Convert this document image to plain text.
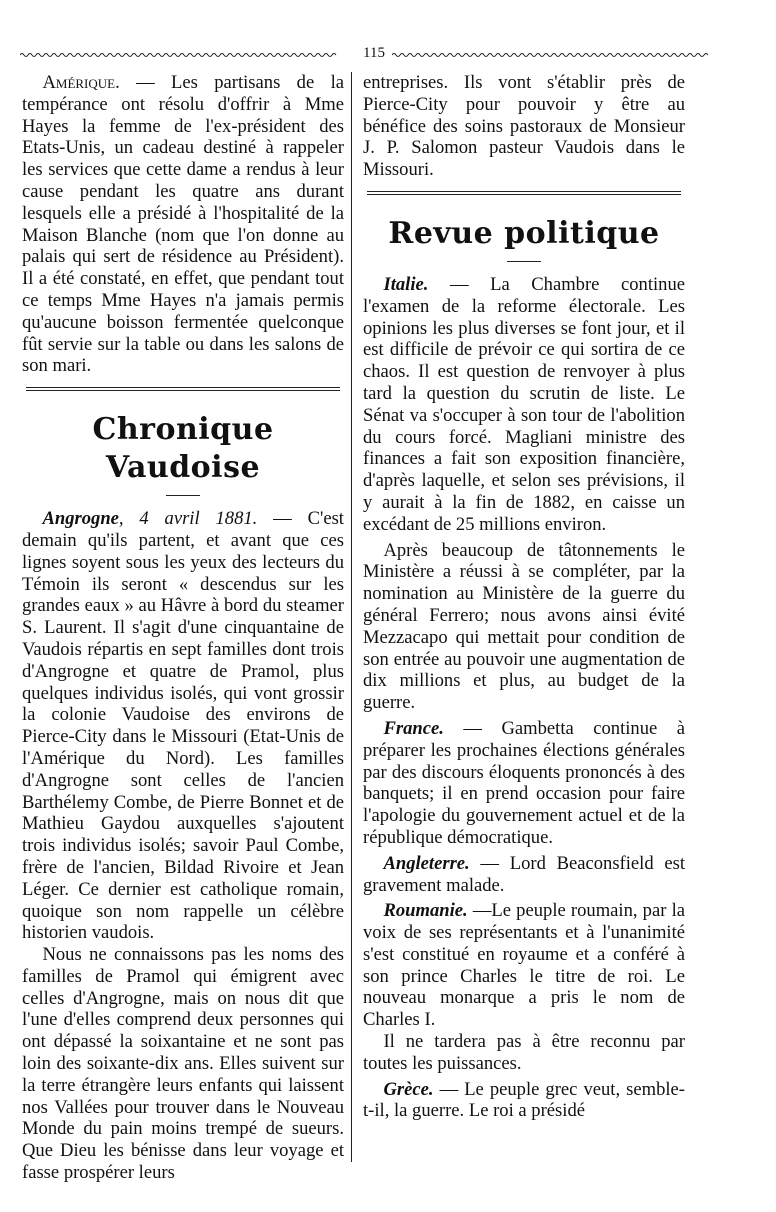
115

Amérique. — Les partisans de la tempérance ont résolu d'offrir à Mme Hayes la femme de l'ex-président des Etats-Unis, un cadeau destiné à rappeler les services que cette dame a rendus à leur cause pendant les quatre ans durant lesquels elle a présidé à l'hospitalité de la Maison Blanche (nom que l'on donne au palais qui sert de résidence au Président). Il a été constaté, en effet, que pendant tout ce temps Mme Hayes n'a jamais permis qu'aucune boisson fermentée quelconque fût servie sur la table ou dans les salons de son mari.

Chronique Vaudoise

Angrogne, 4 avril 1881. — C'est demain qu'ils partent, et avant que ces lignes soyent sous les yeux des lecteurs du Témoin ils seront « descendus sur les grandes eaux » au Hâvre à bord du steamer S. Laurent. Il s'agit d'une cinquantaine de Vaudois répartis en sept familles dont trois d'Angrogne et quatre de Pramol, plus quelques individus isolés, qui vont grossir la colonie Vaudoise des environs de Pierce-City dans le Missouri (Etat-Unis de l'Amérique du Nord). Les familles d'Angrogne sont celles de l'ancien Barthélemy Combe, de Pierre Bonnet et de Mathieu Gaydou auxquelles s'ajoutent trois individus isolés; savoir Paul Combe, frère de l'ancien, Bildad Rivoire et Jean Léger. Ce dernier est catholique romain, quoique son nom rappelle un célèbre historien vaudois.

Nous ne connaissons pas les noms des familles de Pramol qui émigrent avec celles d'Angrogne, mais on nous dit que l'une d'elles comprend deux personnes qui ont dépassé la soixantaine et ne sont pas loin des soixante-dix ans. Elles suivent sur la terre étrangère leurs enfants qui laissent nos Vallées pour trouver dans le Nouveau Monde du pain moins trempé de sueurs. Que Dieu les bénisse dans leur voyage et fasse prospérer leurs

entreprises. Ils vont s'établir près de Pierce-City pour pouvoir y être au bénéfice des soins pastoraux de Monsieur J. P. Salomon pasteur Vaudois dans le Missouri.

Revue politique

Italie. — La Chambre continue l'examen de la reforme électorale. Les opinions les plus diverses se font jour, et il est difficile de prévoir ce qui sortira de ce chaos. Il est question de renvoyer à plus tard la question du scrutin de liste. Le Sénat va s'occuper à son tour de l'abolition du cours forcé. Magliani ministre des finances a fait son exposition financière, d'après laquelle, et selon ses prévisions, il y aurait à la fin de 1882, en caisse un excédant de 25 millions environ.

Après beaucoup de tâtonnements le Ministère a réussi à se compléter, par la nomination au Ministère de la guerre du général Ferrero; nous avons ainsi évité Mezzacapo qui mettait pour condition de son entrée au pouvoir une augmentation de dix millions et plus, au budget de la guerre.

France. — Gambetta continue à préparer les prochaines élections générales par des discours éloquents prononcés à des banquets; il en prend occasion pour faire l'apologie du gouvernement actuel et de la république démocratique.

Angleterre. — Lord Beaconsfield est gravement malade.

Roumanie. —Le peuple roumain, par la voix de ses représentants et à l'unanimité s'est constitué en royaume et a conféré à son prince Charles le titre de roi. Le nouveau monarque a pris le nom de Charles I.

Il ne tardera pas à être reconnu par toutes les puissances.

Grèce. — Le peuple grec veut, semble-t-il, la guerre. Le roi a présidé
